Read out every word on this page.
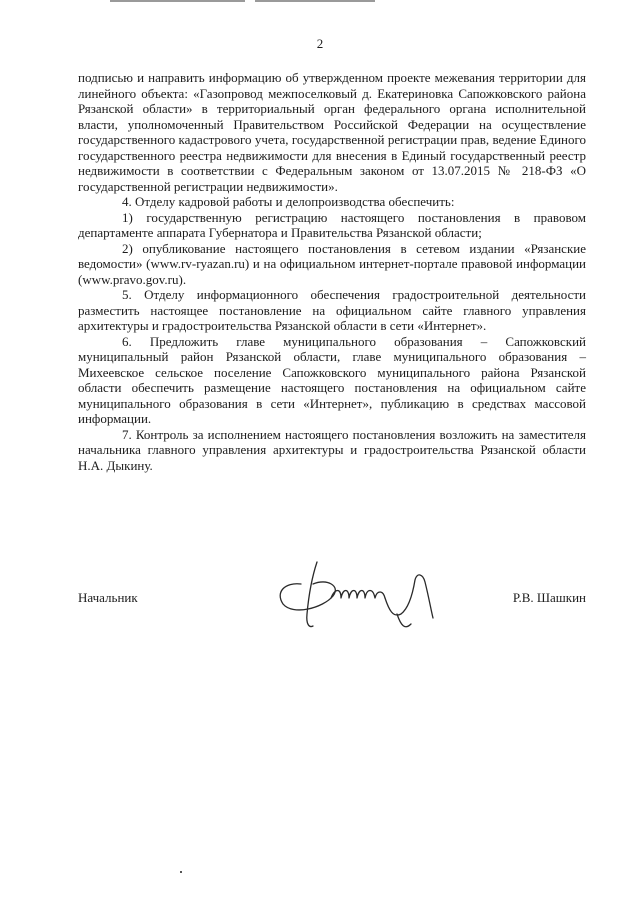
2

подписью и направить информацию об утвержденном проекте межевания территории для линейного объекта: «Газопровод межпоселковый д. Екатериновка Сапожковского района Рязанской области» в территориальный орган федерального органа исполнительной власти, уполномоченный Правительством Российской Федерации на осуществление государственного кадастрового учета, государственной регистрации прав, ведение Единого государственного реестра недвижимости для внесения в Единый государственный реестр недвижимости в соответствии с Федеральным законом от 13.07.2015 № 218-ФЗ «О государственной регистрации недвижимости».

4. Отделу кадровой работы и делопроизводства обеспечить:

1) государственную регистрацию настоящего постановления в правовом департаменте аппарата Губернатора и Правительства Рязанской области;

2) опубликование настоящего постановления в сетевом издании «Рязанские ведомости» (www.rv-ryazan.ru) и на официальном интернет-портале правовой информации (www.pravo.gov.ru).

5. Отделу информационного обеспечения градостроительной деятельности разместить настоящее постановление на официальном сайте главного управления архитектуры и градостроительства Рязанской области в сети «Интернет».

6. Предложить главе муниципального образования – Сапожковский муниципальный район Рязанской области, главе муниципального образования – Михеевское сельское поселение Сапожковского муниципального района Рязанской области обеспечить размещение настоящего постановления на официальном сайте муниципального образования в сети «Интернет», публикацию в средствах массовой информации.

7. Контроль за исполнением настоящего постановления возложить на заместителя начальника главного управления архитектуры и градостроительства Рязанской области Н.А. Дыкину.

Начальник	Р.В. Шашкин
